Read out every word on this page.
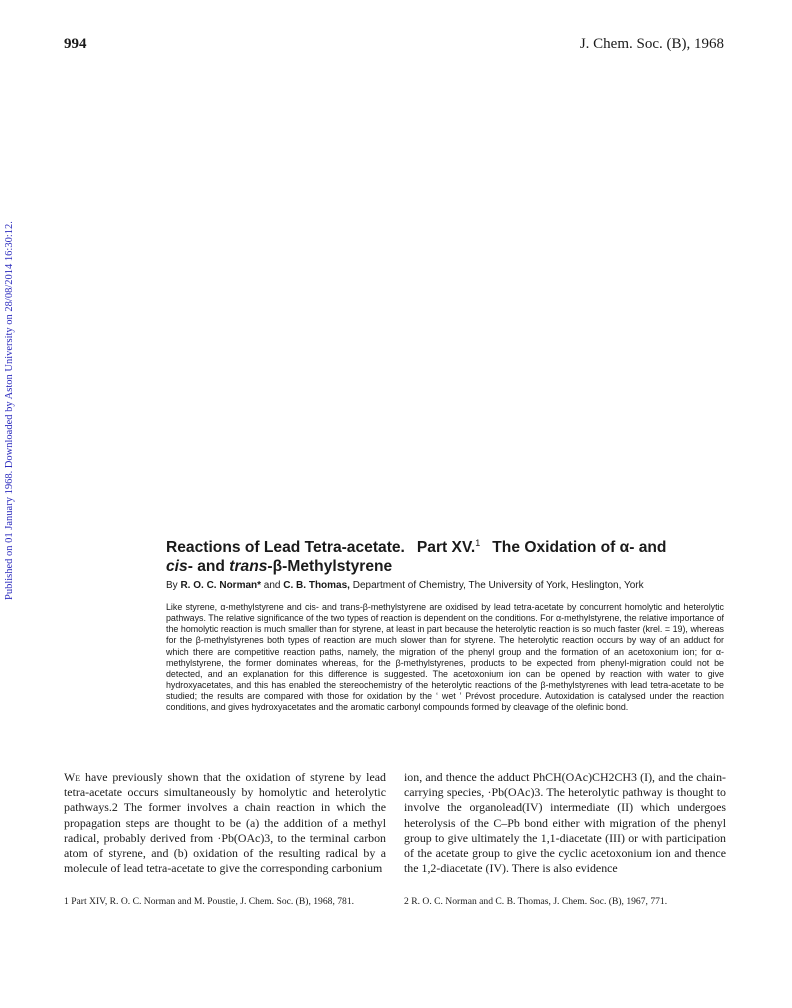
994	J. Chem. Soc. (B), 1968
Published on 01 January 1968. Downloaded by Aston University on 28/08/2014 16:30:12.	Reactions of Lead Tetra-acetate. Part XV.$^1$ The Oxidation of α- and
cis- and trans-β-Methylstyrene
By R. O. C. Norman* and C. B. Thomas, Department of Chemistry, The University of York, Heslington, York

Like styrene, α-methylstyrene and cis- and trans-β-methylstyrene are oxidised by lead tetra-acetate by concurrent homolytic and heterolytic pathways. The relative significance of the two types of reaction is dependent on the conditions. For α-methylstyrene, the relative importance of the homolytic reaction is much smaller than for styrene, at least in part because the heterolytic reaction is so much faster (krel. = 19), whereas for the β-methylstyrenes both types of reaction are much slower than for styrene. The heterolytic reaction occurs by way of an adduct for which there are competitive reaction paths, namely, the migration of the phenyl group and the formation of an acetoxonium ion; for α-methylstyrene, the former dominates whereas, for the β-methylstyrenes, products to be expected from phenyl-migration could not be detected, and an explanation for this difference is suggested. The acetoxonium ion can be opened by reaction with water to give hydroxyacetates, and this has enabled the stereochemistry of the heterolytic reactions of the β-methylstyrenes with lead tetra-acetate to be studied; the results are compared with those for oxidation by the ‘ wet ’ Prévost procedure. Autoxidation is catalysed under the reaction conditions, and gives hydroxyacetates and the aromatic carbonyl compounds formed by cleavage of the olefinic bond.

We have previously shown that the oxidation of styrene by lead tetra-acetate occurs simultaneously by homolytic and heterolytic pathways.2 The former involves a chain reaction in which the propagation steps are thought to be (a) the addition of a methyl radical, probably derived from ·Pb(OAc)3, to the terminal carbon atom of styrene, and (b) oxidation of the resulting radical by a molecule of lead tetra-acetate to give the corresponding carbonium

ion, and thence the adduct PhCH(OAc)CH2CH3 (I), and the chain-carrying species, ·Pb(OAc)3. The heterolytic pathway is thought to involve the organolead(IV) intermediate (II) which undergoes heterolysis of the C–Pb bond either with migration of the phenyl group to give ultimately the 1,1-diacetate (III) or with participation of the acetate group to give the cyclic acetoxonium ion and thence the 1,2-diacetate (IV). There is also evidence

1 Part XIV, R. O. C. Norman and M. Poustie, J. Chem. Soc. (B), 1968, 781.	2 R. O. C. Norman and C. B. Thomas, J. Chem. Soc. (B), 1967, 771.
